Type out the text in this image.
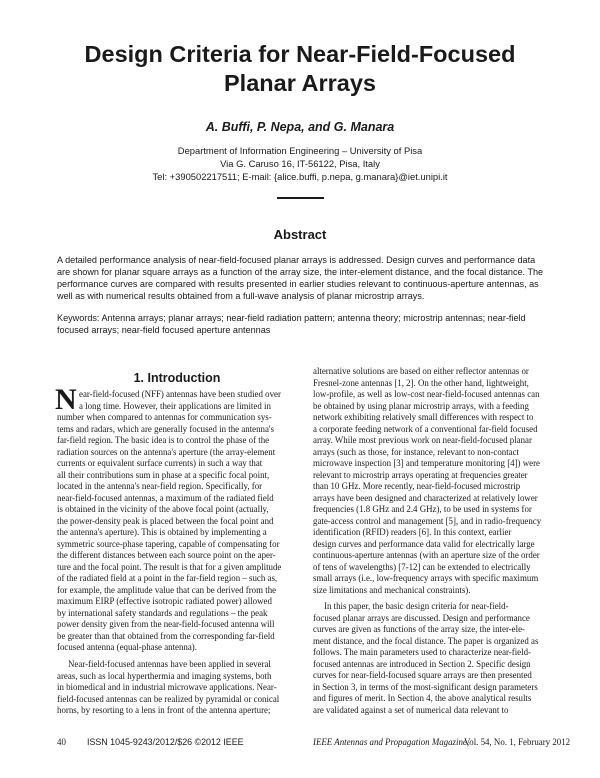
Design Criteria for Near-Field-Focused
Planar Arrays
A. Buffi, P. Nepa, and G. Manara
Department of Information Engineering – University of Pisa
Via G. Caruso 16, IT-56122, Pisa, Italy
Tel: +390502217511; E-mail: {alice.buffi, p.nepa, g.manara}@iet.unipi.it
Abstract
A detailed performance analysis of near-field-focused planar arrays is addressed. Design curves and performance data
are shown for planar square arrays as a function of the array size, the inter-element distance, and the focal distance. The
performance curves are compared with results presented in earlier studies relevant to continuous-aperture antennas, as
well as with numerical results obtained from a full-wave analysis of planar microstrip arrays.
Keywords: Antenna arrays; planar arrays; near-field radiation pattern; antenna theory; microstrip antennas; near-field
focused arrays; near-field focused aperture antennas
1. Introduction
N ear-field-focused (NFF) antennas have been studied over
a long time. However, their applications are limited in
number when compared to antennas for communication sys-
tems and radars, which are generally focused in the antenna's
far-field region. The basic idea is to control the phase of the
radiation sources on the antenna's aperture (the array-element
currents or equivalent surface currents) in such a way that
all their contributions sum in phase at a specific focal point,
located in the antenna's near-field region. Specifically, for
near-field-focused antennas, a maximum of the radiated field
is obtained in the vicinity of the above focal point (actually,
the power-density peak is placed between the focal point and
the antenna's aperture). This is obtained by implementing a
symmetric source-phase tapering, capable of compensating for
the different distances between each source point on the aper-
ture and the focal point. The result is that for a given amplitude
of the radiated field at a point in the far-field region – such as,
for example, the amplitude value that can be derived from the
maximum EIRP (effective isotropic radiated power) allowed
by international safety standards and regulations – the peak
power density given from the near-field-focused antenna will
be greater than that obtained from the corresponding far-field
focused antenna (equal-phase antenna).
Near-field-focused antennas have been applied in several
areas, such as local hyperthermia and imaging systems, both
in biomedical and in industrial microwave applications. Near-
field-focused antennas can be realized by pyramidal or conical
horns, by resorting to a lens in front of the antenna aperture;
alternative solutions are based on either reflector antennas or
Fresnel-zone antennas [1, 2]. On the other hand, lightweight,
low-profile, as well as low-cost near-field-focused antennas can
be obtained by using planar microstrip arrays, with a feeding
network exhibiting relatively small differences with respect to
a corporate feeding network of a conventional far-field focused
array. While most previous work on near-field-focused planar
arrays (such as those, for instance, relevant to non-contact
microwave inspection [3] and temperature monitoring [4]) were
relevant to microstrip arrays operating at frequencies greater
than 10 GHz. More recently, near-field-focused microstrip
arrays have been designed and characterized at relatively lower
frequencies (1.8 GHz and 2.4 GHz), to be used in systems for
gate-access control and management [5], and in radio-frequency
identification (RFID) readers [6]. In this context, earlier
design curves and performance data valid for electrically large
continuous-aperture antennas (with an aperture size of the order
of tens of wavelengths) [7-12] can be extended to electrically
small arrays (i.e., low-frequency arrays with specific maximum
size limitations and mechanical constraints).
In this paper, the basic design criteria for near-field-
focused planar arrays are discussed. Design and performance
curves are given as functions of the array size, the inter-ele-
ment distance, and the focal distance. The paper is organized as
follows. The main parameters used to characterize near-field-
focused antennas are introduced in Section 2. Specific design
curves for near-field-focused square arrays are then presented
in Section 3, in terms of the most-significant design parameters
and figures of merit. In Section 4, the above analytical results
are validated against a set of numerical data relevant to
40 ISSN 1045-9243/2012/$26 ©2012 IEEE	IEEE Antennas and Propagation Magazine,
Vol. 54, No. 1, February 2012
